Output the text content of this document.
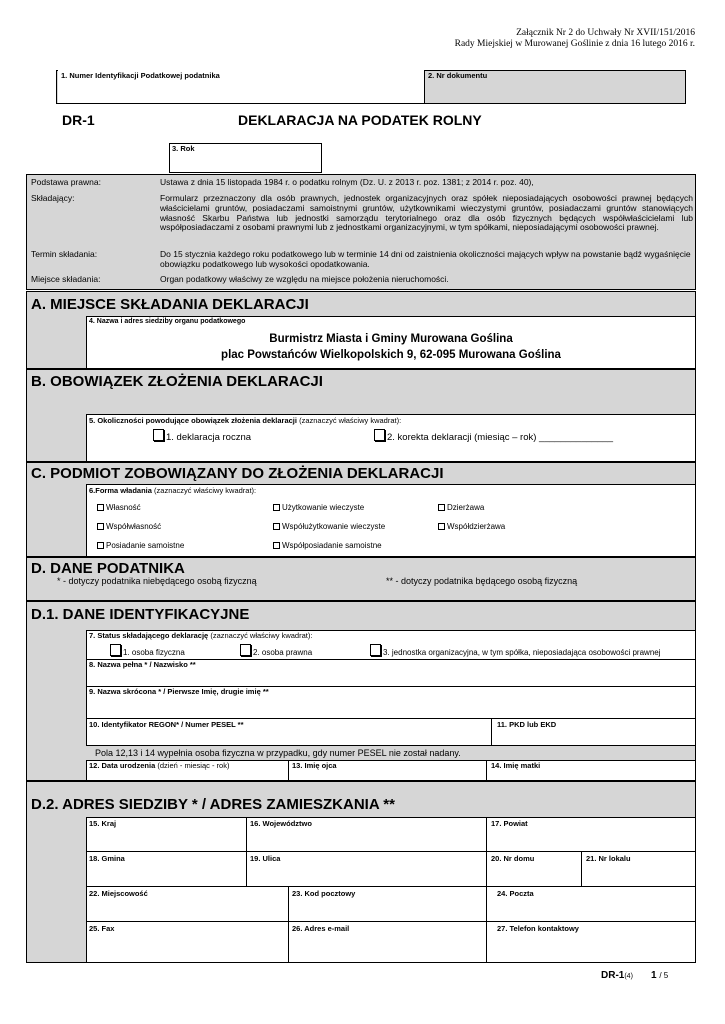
Załącznik Nr 2 do Uchwały Nr XVII/151/2016
Rady Miejskiej w Murowanej Goślinie z dnia 16 lutego 2016 r.
1. Numer Identyfikacji Podatkowej podatnika	2. Nr dokumentu
DR-1	DEKLARACJA NA PODATEK ROLNY
3. Rok
Podstawa prawna:	Ustawa z dnia 15 listopada 1984 r. o podatku rolnym (Dz. U. z 2013 r. poz. 1381; z 2014 r. poz. 40),
Składający:	Formularz przeznaczony dla osób prawnych, jednostek organizacyjnych oraz spółek nieposiadających osobowości prawnej będących właścicielami gruntów, posiadaczami samoistnymi gruntów, użytkownikami wieczystymi gruntów, posiadaczami gruntów stanowiących własność Skarbu Państwa lub jednostki samorządu terytorialnego oraz dla osób fizycznych będących współwłaścicielami lub współposiadaczami z osobami prawnymi lub z jednostkami organizacyjnymi, w tym spółkami, nieposiadającymi osobowości prawnej.
Termin składania:	Do 15 stycznia każdego roku podatkowego lub w terminie 14 dni od zaistnienia okoliczności mających wpływ na powstanie bądź wygaśnięcie obowiązku podatkowego lub wysokości opodatkowania.
Miejsce składania:	Organ podatkowy właściwy ze względu na miejsce położenia nieruchomości.
A. MIEJSCE SKŁADANIA DEKLARACJI
4. Nazwa i adres siedziby organu podatkowego
Burmistrz Miasta i Gminy Murowana Goślina
plac Powstańców Wielkopolskich 9, 62-095 Murowana Goślina
B. OBOWIĄZEK ZŁOŻENIA DEKLARACJI
5. Okoliczności powodujące obowiązek złożenia deklaracji (zaznaczyć właściwy kwadrat):
1. deklaracja roczna	2. korekta deklaracji (miesiąc – rok) ______________
C. PODMIOT ZOBOWIĄZANY DO ZŁOŻENIA DEKLARACJI
6.Forma władania (zaznaczyć właściwy kwadrat):
Własność	Użytkowanie wieczyste	Dzierżawa
Współwłasność	Współużytkowanie wieczyste	Współdzierżawa
Posiadanie samoistne	Współposiadanie samoistne
D. DANE PODATNIKA
* - dotyczy podatnika niebędącego osobą fizyczną	** - dotyczy podatnika będącego osobą fizyczną
D.1. DANE IDENTYFIKACYJNE
7. Status składającego deklarację (zaznaczyć właściwy kwadrat):
1. osoba fizyczna	2. osoba prawna	3. jednostka organizacyjna, w tym spółka, nieposiadająca osobowości prawnej
8. Nazwa pełna * / Nazwisko **
9. Nazwa skrócona * / Pierwsze Imię, drugie imię **
10. Identyfikator REGON* / Numer PESEL **	11. PKD lub EKD
Pola 12,13 i 14 wypełnia osoba fizyczna w przypadku, gdy numer PESEL nie został nadany.
12. Data urodzenia (dzień - miesiąc - rok)	13. Imię ojca	14. Imię matki
D.2. ADRES SIEDZIBY * / ADRES ZAMIESZKANIA **
15. Kraj	16. Województwo	17. Powiat
18. Gmina	19. Ulica	20. Nr domu	21. Nr lokalu
22. Miejscowość	23. Kod pocztowy	24. Poczta
25. Fax	26. Adres e-mail	27. Telefon kontaktowy
DR-1(4) 1 / 5
